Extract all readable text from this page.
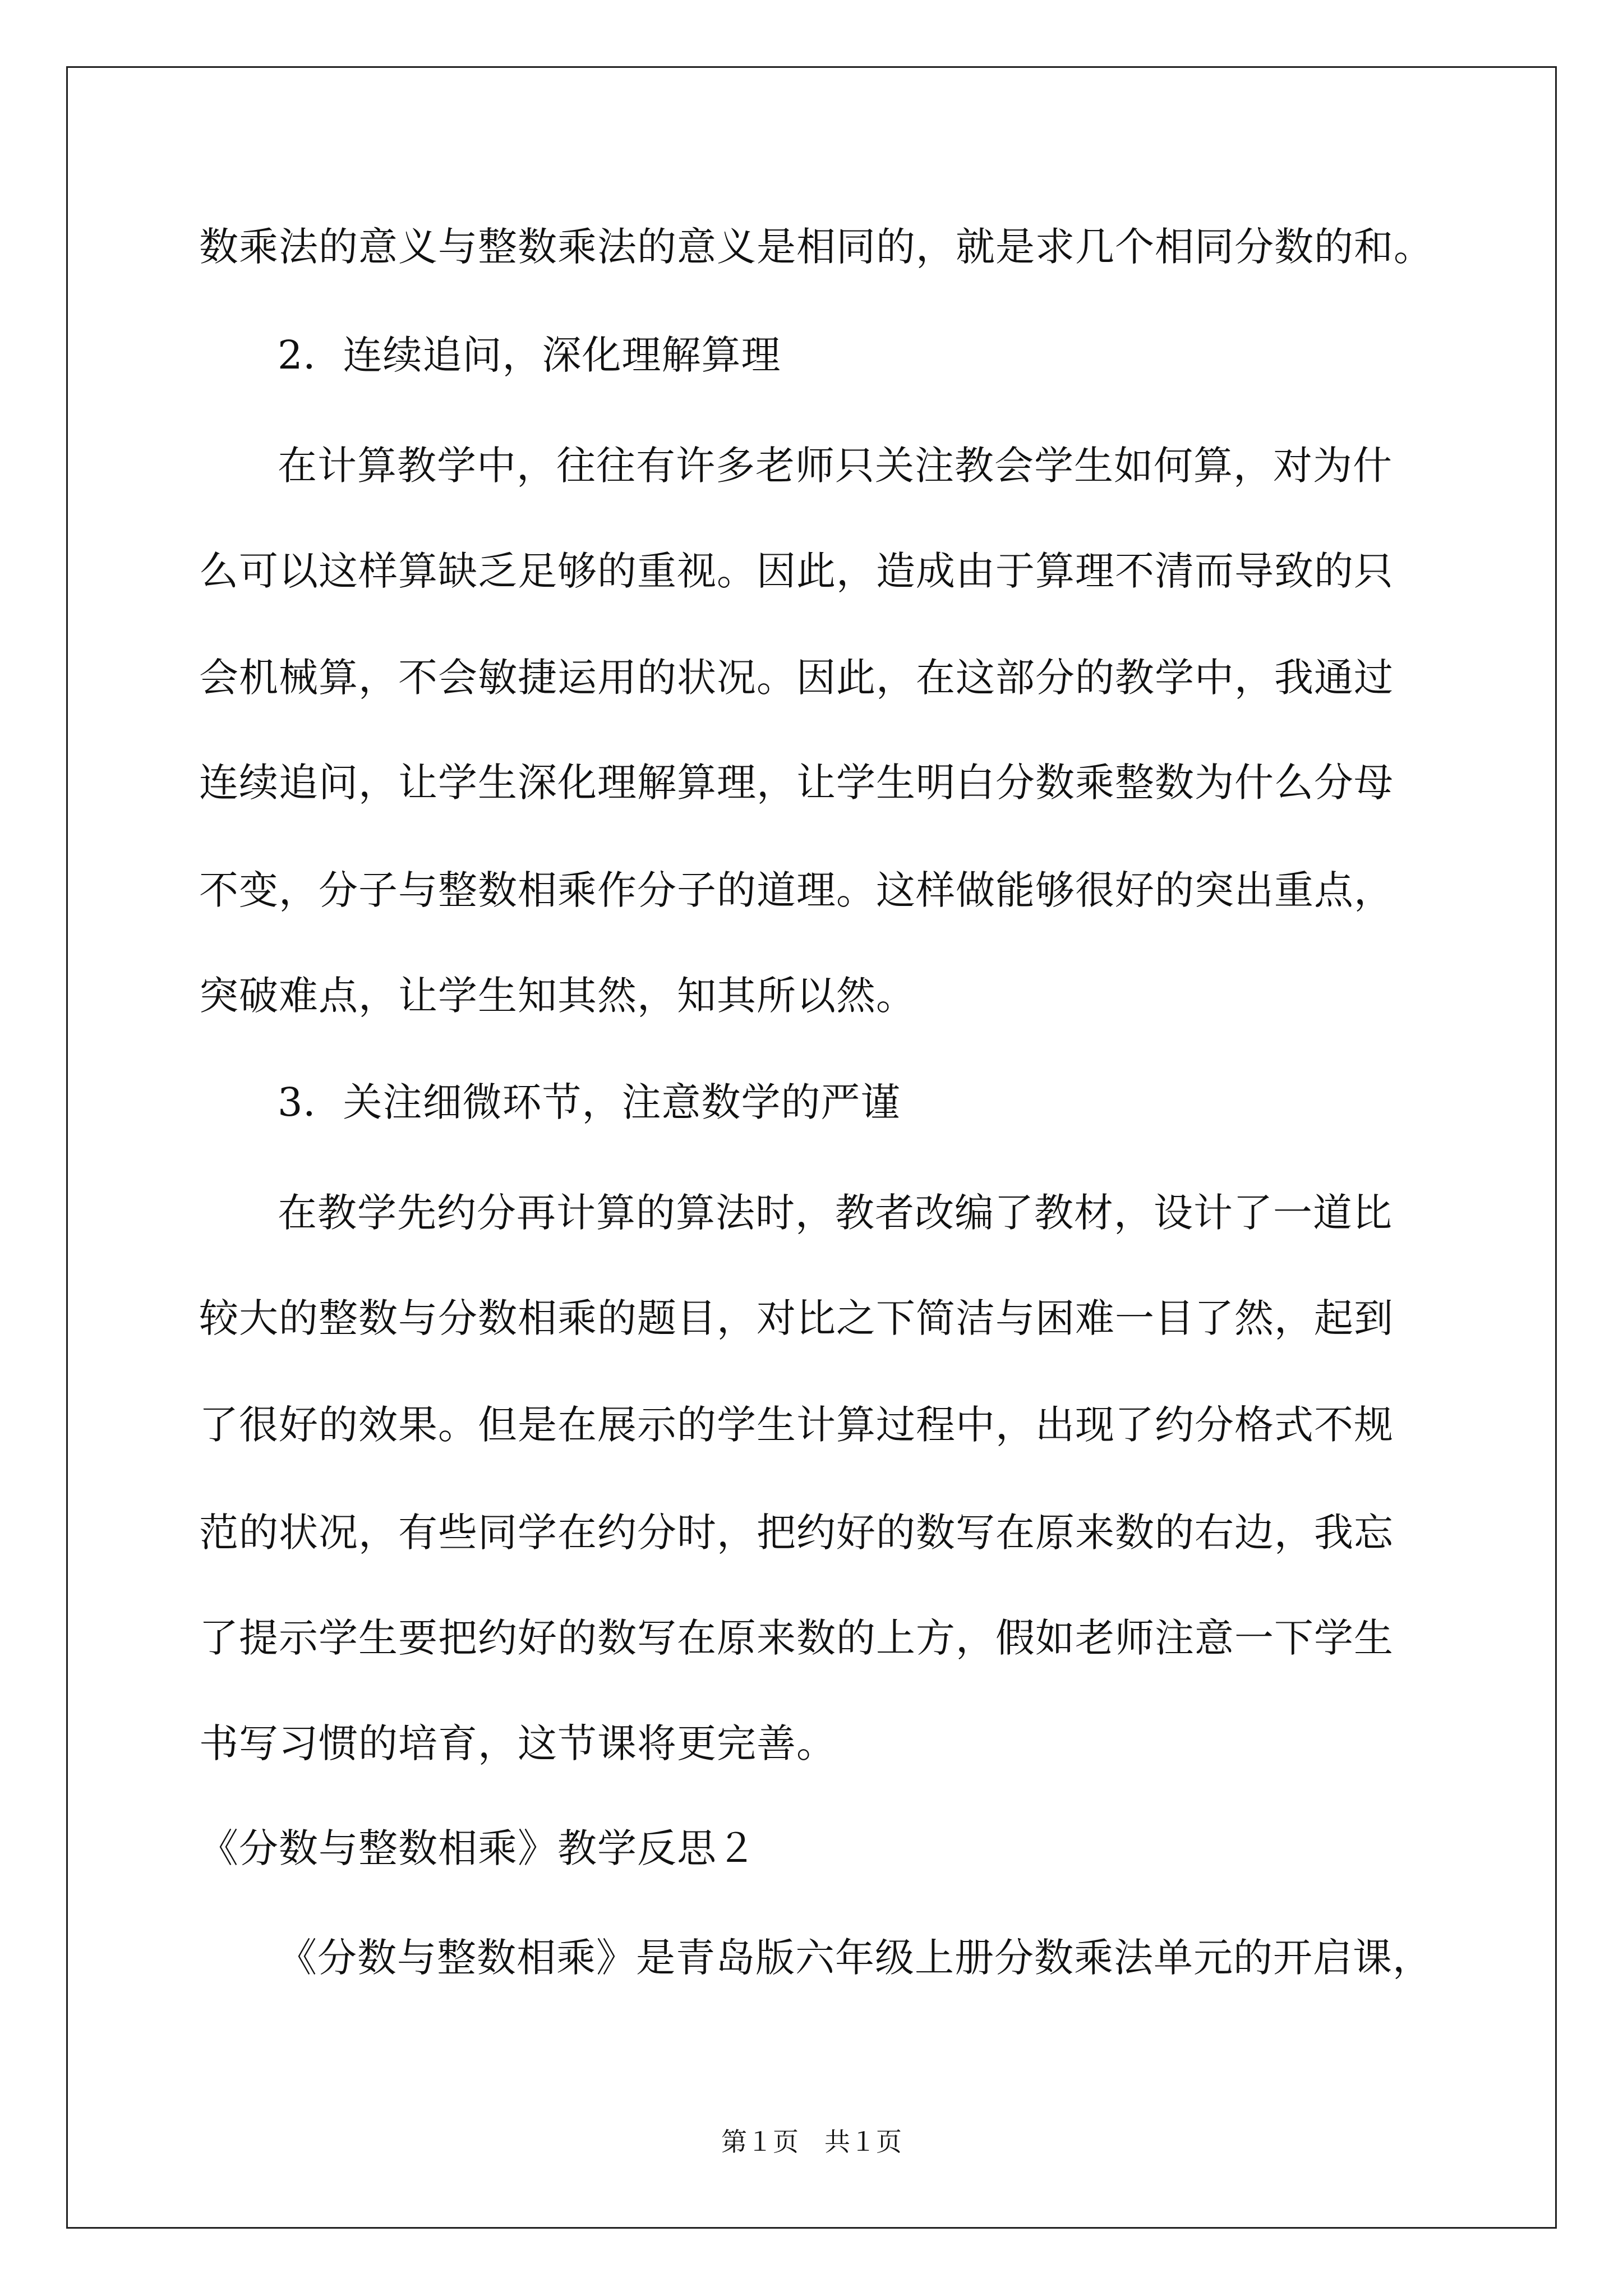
数乘法的意义与整数乘法的意义是相同的，就是求几个相同分数的和。
2．连续追问，深化理解算理
在计算教学中，往往有许多老师只关注教会学生如何算，对为什
么可以这样算缺乏足够的重视。因此，造成由于算理不清而导致的只
会机械算，不会敏捷运用的状况。因此，在这部分的教学中，我通过
连续追问，让学生深化理解算理，让学生明白分数乘整数为什么分母
不变，分子与整数相乘作分子的道理。这样做能够很好的突出重点，
突破难点，让学生知其然，知其所以然。
3．关注细微环节，注意数学的严谨
在教学先约分再计算的算法时，教者改编了教材，设计了一道比
较大的整数与分数相乘的题目，对比之下简洁与困难一目了然，起到
了很好的效果。但是在展示的学生计算过程中，出现了约分格式不规
范的状况，有些同学在约分时，把约好的数写在原来数的右边，我忘
了提示学生要把约好的数写在原来数的上方，假如老师注意一下学生
书写习惯的培育，这节课将更完善。
《分数与整数相乘》教学反思２
《分数与整数相乘》是青岛版六年级上册分数乘法单元的开启课，
第１页　共１页
